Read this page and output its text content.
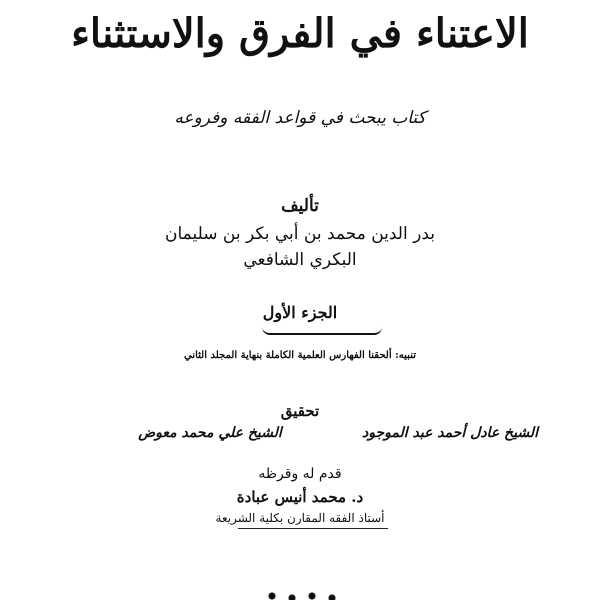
الاعتناء في الفرق والاستثناء
كتاب يبحث في قواعد الفقه وفروعه
تأليف
بدر الدين محمد بن أبي بكر بن سليمان
البكري الشافعي
الجزء الأول
تنبيه: ألحقنا الفهارس العلمية الكاملة بنهاية المجلد الثاني
تحقيق
الشيخ عادل أحمد عبد الموجود
الشيخ علي محمد معوض
قدم له وقرظه
د. محمد أنيس عبادة
أستاذ الفقه المقارن بكلية الشريعة
